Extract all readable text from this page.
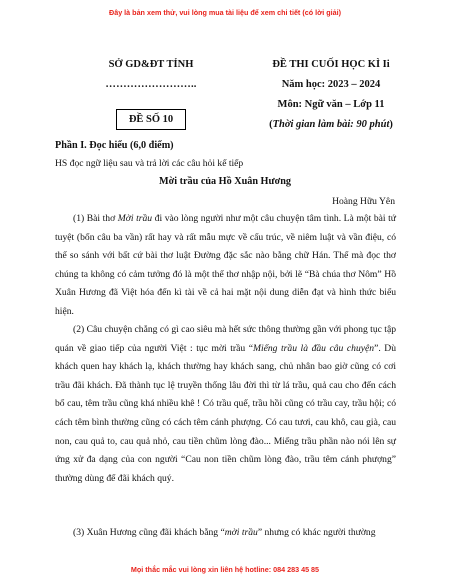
Đây là bản xem thử, vui lòng mua tài liệu để xem chi tiết (có lời giải)
SỞ GD&ĐT TỈNH
……………………..
ĐỀ SỐ 10
ĐỀ THI CUỐI HỌC KÌ Ii
Năm học: 2023 – 2024
Môn: Ngữ văn – Lớp 11
(Thời gian làm bài: 90 phút)
Phần I. Đọc hiểu (6,0 điểm)
HS đọc ngữ liệu sau và trả lời các câu hỏi kế tiếp
Mời trầu của Hồ Xuân Hương
Hoàng Hữu Yên

(1) Bài thơ Mời trầu đi vào lòng người như một câu chuyện tâm tình. Là một bài tứ tuyệt (bốn câu ba vần) rất hay và rất mẫu mực về cấu trúc, về niêm luật và vần điệu, có thể so sánh với bất cứ bài thơ luật Đường đặc sắc nào bằng chữ Hán. Thể mà đọc thơ chúng ta không có cảm tưởng đó là một thể thơ nhập nội, bởi lẽ “Bà chúa thơ Nôm” Hồ Xuân Hương đã Việt hóa đến kì tài về cả hai mặt nội dung diễn đạt và hình thức biểu hiện.

(2) Câu chuyện chẳng có gì cao siêu mà hết sức thông thường gần với phong tục tập quán về giao tiếp của người Việt : tục mời trầu “Miếng trầu là đầu câu chuyện”. Dù khách quen hay khách lạ, khách thường hay khách sang, chủ nhân bao giờ cũng có cơi trầu đãi khách. Đã thành tục lệ truyền thống lâu đời thì từ lá trầu, quả cau cho đến cách bổ cau, têm trầu cũng khá nhiều khê ! Có trầu quế, trầu hồi cũng có trầu cay, trầu hội; có cách têm bình thường cũng có cách têm cánh phượng. Có cau tươi, cau khô, cau già, cau non, cau quả to, cau quả nhỏ, cau tiền chũm lòng đào... Miếng trầu phần nào nói lên sự ứng xử đa dạng của con người “Cau non tiền chũm lòng đào, trầu têm cánh phượng” thường dùng để đãi khách quý.

(3) Xuân Hương cũng đãi khách bằng “mời trầu” nhưng có khác người thường

Mọi thắc mắc vui lòng xin liên hệ hotline: 084 283 45 85
